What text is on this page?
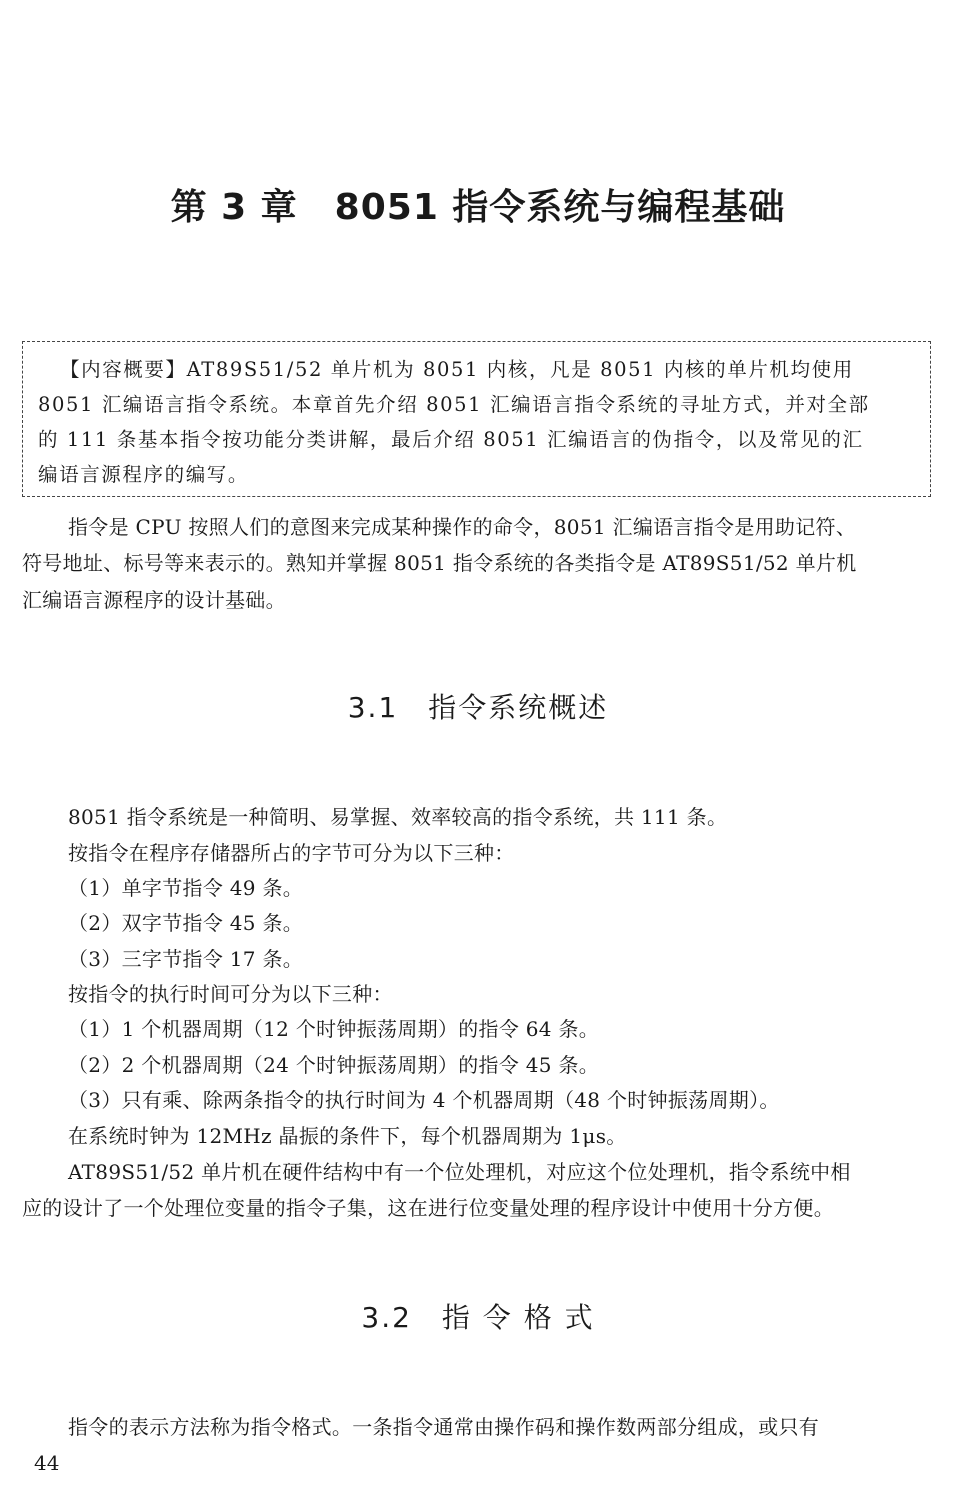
第 3 章　8051 指令系统与编程基础
【内容概要】AT89S51/52 单片机为 8051 内核，凡是 8051 内核的单片机均使用
8051 汇编语言指令系统。本章首先介绍 8051 汇编语言指令系统的寻址方式，并对全部
的 111 条基本指令按功能分类讲解，最后介绍 8051 汇编语言的伪指令，以及常见的汇
编语言源程序的编写。
指令是 CPU 按照人们的意图来完成某种操作的命令，8051 汇编语言指令是用助记符、
符号地址、标号等来表示的。熟知并掌握 8051 指令系统的各类指令是 AT89S51/52 单片机
汇编语言源程序的设计基础。
3.1　指令系统概述
8051 指令系统是一种简明、易掌握、效率较高的指令系统，共 111 条。
按指令在程序存储器所占的字节可分为以下三种：
（1）单字节指令 49 条。
（2）双字节指令 45 条。
（3）三字节指令 17 条。
按指令的执行时间可分为以下三种：
（1）1 个机器周期（12 个时钟振荡周期）的指令 64 条。
（2）2 个机器周期（24 个时钟振荡周期）的指令 45 条。
（3）只有乘、除两条指令的执行时间为 4 个机器周期（48 个时钟振荡周期）。
在系统时钟为 12MHz 晶振的条件下，每个机器周期为 1μs。
AT89S51/52 单片机在硬件结构中有一个位处理机，对应这个位处理机，指令系统中相
应的设计了一个处理位变量的指令子集，这在进行位变量处理的程序设计中使用十分方便。
3.2　指 令 格 式
指令的表示方法称为指令格式。一条指令通常由操作码和操作数两部分组成，或只有
44
